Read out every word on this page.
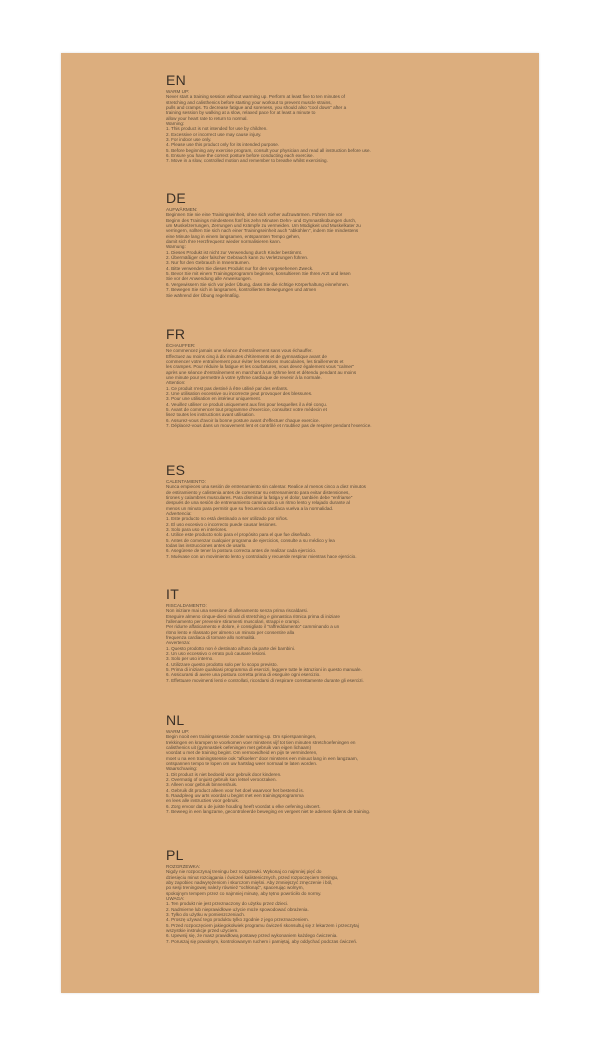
EN
WARM UP:
Never start a training session without warming up. Perform at least five to ten minutes of
stretching and calisthenics before starting your workout to prevent muscle strains,
pulls and cramps. To decrease fatigue and soreness, you should also "cool down" after a
training session by walking at a slow, relaxed pace for at least a minute to
allow your heart rate to return to normal.
Warning:
1. This product is not intended for use by children.
2. Excessive or incorrect use may cause injury.
3. For indoor use only.
4. Please use this product only for its intended purpose.
5. Before beginning any exercise program, consult your physician and read all instruction before use.
6. Ensure you have the correct posture before conducting each exercise.
7. Move in a slow, controlled motion and remember to breathe whilst exercising.
DE
AUFWÄRMEN:
Beginnen Sie nie eine Trainingseinheit, ohne sich vorher aufzuwärmen. Führen Sie vor
Beginn des Trainings mindestens fünf bis zehn Minuten Dehn- und Gymnastikübungen durch,
um Muskelzerrungen, Zerrungen und Krämpfe zu vermeiden. Um Müdigkeit und Muskelkater zu
verringern, sollten Sie sich nach einer Trainingseinheit auch "abkühlen", indem Sie mindestens
eine Minute lang in einem langsamen, entspannten Tempo gehen,
damit sich Ihre Herzfrequenz wieder normalisieren kann.
Warnung:
1. Dieses Produkt ist nicht zur Verwendung durch Kinder bestimmt.
2. Übermäßiger oder falscher Gebrauch kann zu Verletzungen führen.
3. Nur für den Gebrauch in Innenräumen.
4. Bitte verwenden Sie dieses Produkt nur für den vorgesehenen Zweck.
5. Bevor Sie mit einem Trainingsprogramm beginnen, konsultieren Sie Ihren Arzt und lesen
Sie vor der Anwendung alle Anweisungen.
6. Vergewissern Sie sich vor jeder Übung, dass Sie die richtige Körperhaltung einnehmen.
7. Bewegen Sie sich in langsamen, kontrollierten Bewegungen und atmen
Sie während der Übung regelmäßig.
FR
ÉCHAUFFER:
Ne commencez jamais une séance d'entraînement sans vous échauffer.
Effectuez au moins cinq à dix minutes d'étirements et de gymnastique avant de
commencer votre entraînement pour éviter les tensions musculaires, les tiraillements et
les crampes. Pour réduire la fatigue et les courbatures, vous devez également vous "calmer"
après une séance d'entraînement en marchant à un rythme lent et détendu pendant au moins
une minute pour permettre à votre rythme cardiaque de revenir à la normale.
Attention:
1. Ce produit n'est pas destiné à être utilisé par des enfants.
2. Une utilisation excessive ou incorrecte peut provoquer des blessures.
3. Pour une utilisation en intérieur uniquement.
4. Veuillez utiliser ce produit uniquement aux fins pour lesquelles il a été conçu.
5. Avant de commencer tout programme d'exercice, consultez votre médecin et
lisez toutes les instructions avant utilisation.
6. Assurez-vous d'avoir la bonne posture avant d'effectuer chaque exercice.
7. Déplacez-vous dans un mouvement lent et contrôlé et n'oubliez pas de respirer pendant l'exercice.
ES
CALENTAMIENTO:
Nunca empieces una sesión de entrenamiento sin calentar. Realice al menos cinco a diez minutos
de estiramiento y calistenia antes de comenzar su entrenamiento para evitar distensiones,
tirones y calambres musculares. Para disminuir la fatiga y el dolor, también debe "enfriarse"
después de una sesión de entrenamiento caminando a un ritmo lento y relajado durante al
menos un minuto para permitir que su frecuencia cardíaca vuelva a la normalidad.
Advertencia:
1. Este producto no está destinado a ser utilizado por niños.
2. El uso excesivo o incorrecto puede causar lesiones.
3. Solo para uso en interiores.
4. Utilice este producto solo para el propósito para el que fue diseñado.
5. Antes de comenzar cualquier programa de ejercicios, consulte a su médico y lea
todas las instrucciones antes de usarlo.
6. Asegúrese de tener la postura correcta antes de realizar cada ejercicio.
7. Muévase con un movimiento lento y controlado y recuerde respirar mientras hace ejercicio.
IT
RISCALDAMENTO:
Non iniziare mai una sessione di allenamento senza prima riscaldarsi.
Eseguire almeno cinque-dieci minuti di stretching e ginnastica ritmica prima di iniziare
l'allenamento per prevenire stiramenti muscolari, strappi e crampi.
Per ridurre affaticamento e dolore, è consigliato il "raffreddamento" camminando a un
ritmo lento e rilassato per almeno un minuto per consentire alla
frequenza cardiaca di tornare allo normalità.
Avvertenza:
1. Questo prodotto non è destinato all'uso da parte dei bambini.
2. Un uso eccessivo o errato può causare lesioni.
3. Solo per uso interno.
4. Utilizzare questo prodotto solo per lo scopo previsto.
5. Prima di iniziare qualsiasi programma di esercizi, leggere tutte le istruzioni in questo manuale.
6. Assicurarsi di avere una postura corretta prima di eseguire ogni esercizio.
7. Effettuare movimenti lenti e controllati, ricordarsi di respirare correttamente durante gli esercizi.
NL
WARM UP:
Begin nooit een trainingssessie zonder warming-up. Om spierspanningen,
trekkingen en krampen te voorkomen voer minstens vijf tot tien minuten stretchoefeningen en
calisthenics uit (gymnastiek oefeningen met gebruik van eigen lichaam)
voordat u met de training begint. Om vermoeidheid en pijn te verminderen,
moet u na een trainingssessie ook "afkoelen" door minstens een minuut lang in een langzaam,
ontspannen tempo te lopen om uw hartslag weer normaal te laten worden.
Waarschuwing:
1. Dit product is niet bedoeld voor gebruik door kinderen.
2. Overmatig of onjuist gebruik kan letsel veroorzaken.
3. Alleen voor gebruik binnenshuis.
4. Gebruik dit product alleen voor het doel waarvoor het bestemd is.
5. Raadpleeg uw arts voordat u begint met een trainingsprogramma
en lees alle instructies voor gebruik.
6. Zorg ervoor dat u de juiste houding heeft voordat u elke oefening uitvoert.
7. Beweeg in een langzame, gecontroleerde beweging en vergeet niet te ademen tijdens de training.
PL
ROZGRZEWKA:
Nigdy nie rozpoczynaj treningu bez rozgrzewki. Wykonaj co najmniej pięć do
dziesięciu minut rozciągania i ćwiczeń kalistenicznych, przed rozpoczęciem treningu,
aby zapobiec nadwyrężeniom i skurczom mięśni. Aby zmniejszyć zmęczenie i ból,
po sesji treningowej należy również "ochłonąć", spacerując wolnym,
spokojnym tempem przez co najmniej minutę, aby tętno powróciło do normy.
UWAGA:
1. Ten produkt nie jest przeznaczony do użytku przez dzieci.
2. Nadmierne lub nieprawidłowe użycie może spowodować obrażenia.
3. Tylko do użytku w pomieszczeniach.
4. Proszę używać tego produktu tylko zgodnie z jego przeznaczeniem.
5. Przed rozpoczęciem jakiegokolwiek programu ćwiczeń skonsultuj się z lekarzem i przeczytaj
wszystkie instrukcje przed użyciem.
6. Upewnij się, że masz prawidłową postawę przed wykonaniem każdego ćwiczenia.
7. Poruszaj się powolnym, kontrolowanym ruchem i pamiętaj, aby oddychać podczas ćwiczeń.
